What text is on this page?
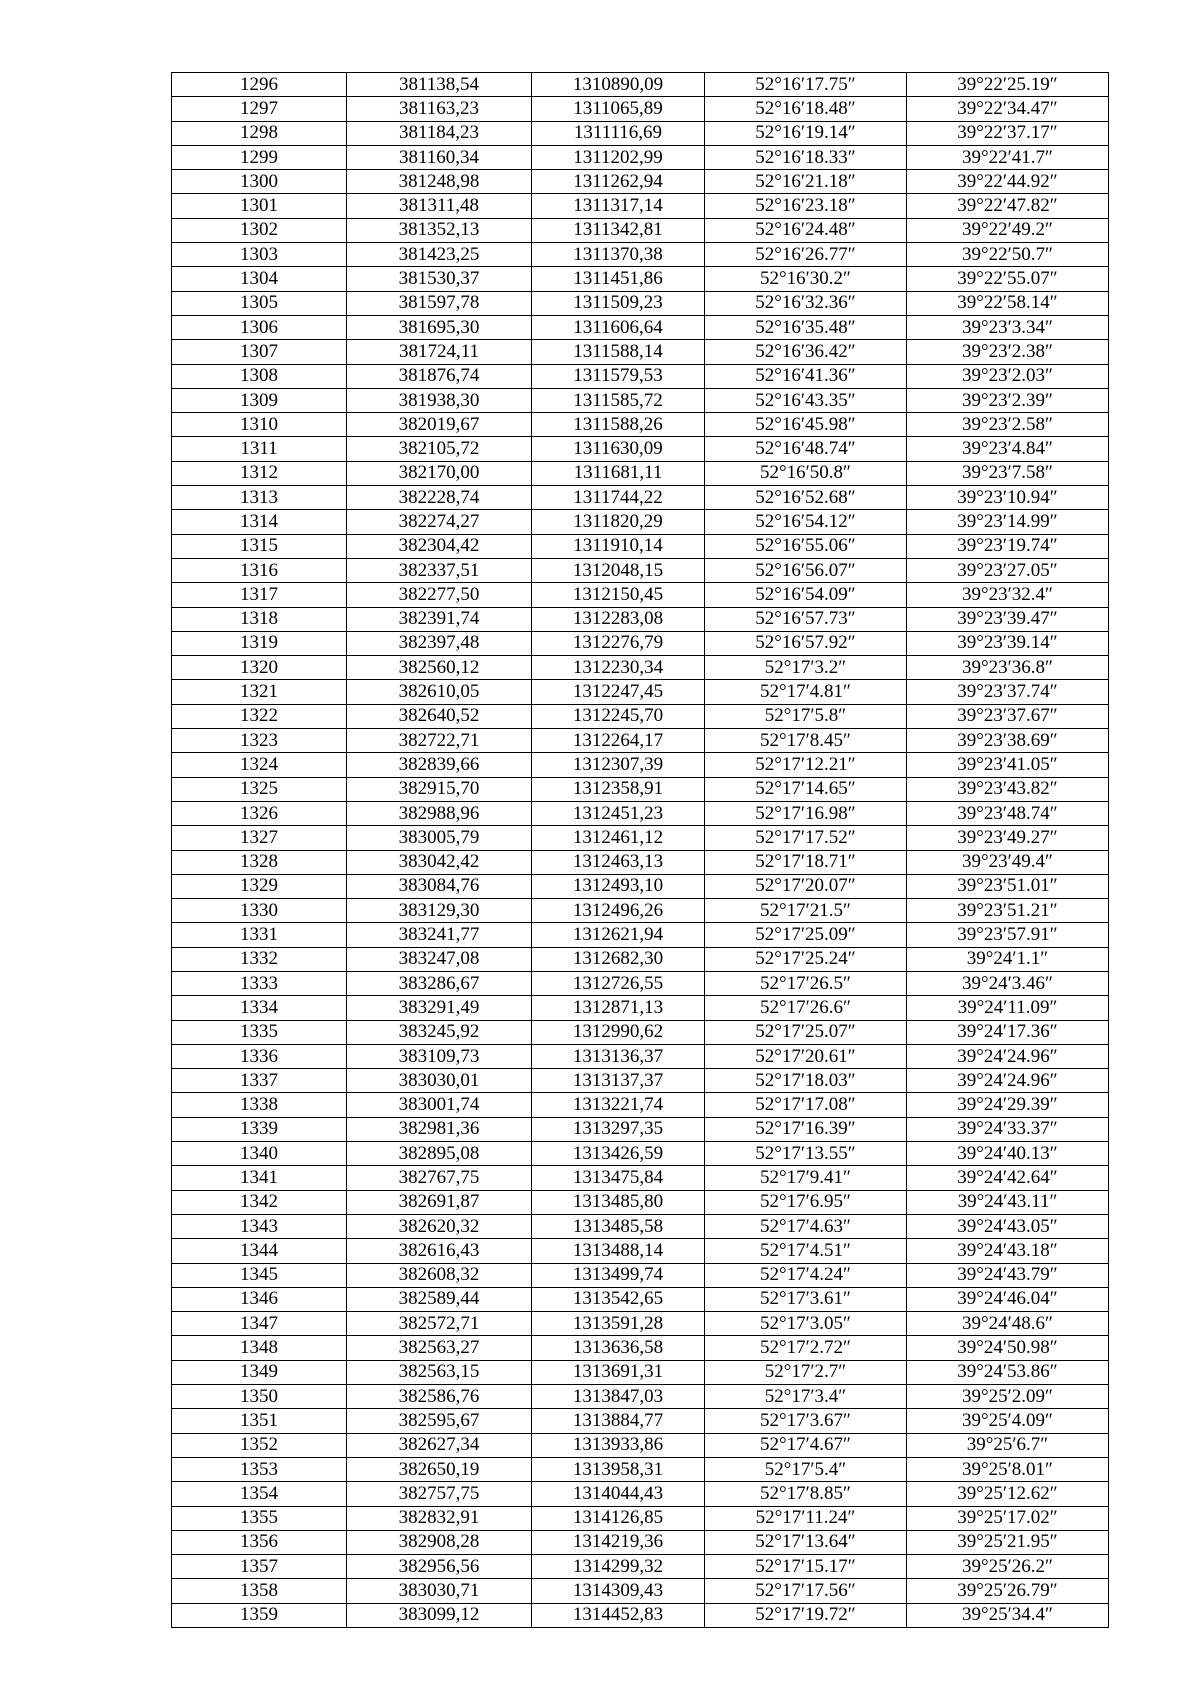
1296	381138,54	1310890,09	52°16′17.75″	39°22′25.19″
1297	381163,23	1311065,89	52°16′18.48″	39°22′34.47″
1298	381184,23	1311116,69	52°16′19.14″	39°22′37.17″
1299	381160,34	1311202,99	52°16′18.33″	39°22′41.7″
1300	381248,98	1311262,94	52°16′21.18″	39°22′44.92″
1301	381311,48	1311317,14	52°16′23.18″	39°22′47.82″
1302	381352,13	1311342,81	52°16′24.48″	39°22′49.2″
1303	381423,25	1311370,38	52°16′26.77″	39°22′50.7″
1304	381530,37	1311451,86	52°16′30.2″	39°22′55.07″
1305	381597,78	1311509,23	52°16′32.36″	39°22′58.14″
1306	381695,30	1311606,64	52°16′35.48″	39°23′3.34″
1307	381724,11	1311588,14	52°16′36.42″	39°23′2.38″
1308	381876,74	1311579,53	52°16′41.36″	39°23′2.03″
1309	381938,30	1311585,72	52°16′43.35″	39°23′2.39″
1310	382019,67	1311588,26	52°16′45.98″	39°23′2.58″
1311	382105,72	1311630,09	52°16′48.74″	39°23′4.84″
1312	382170,00	1311681,11	52°16′50.8″	39°23′7.58″
1313	382228,74	1311744,22	52°16′52.68″	39°23′10.94″
1314	382274,27	1311820,29	52°16′54.12″	39°23′14.99″
1315	382304,42	1311910,14	52°16′55.06″	39°23′19.74″
1316	382337,51	1312048,15	52°16′56.07″	39°23′27.05″
1317	382277,50	1312150,45	52°16′54.09″	39°23′32.4″
1318	382391,74	1312283,08	52°16′57.73″	39°23′39.47″
1319	382397,48	1312276,79	52°16′57.92″	39°23′39.14″
1320	382560,12	1312230,34	52°17′3.2″	39°23′36.8″
1321	382610,05	1312247,45	52°17′4.81″	39°23′37.74″
1322	382640,52	1312245,70	52°17′5.8″	39°23′37.67″
1323	382722,71	1312264,17	52°17′8.45″	39°23′38.69″
1324	382839,66	1312307,39	52°17′12.21″	39°23′41.05″
1325	382915,70	1312358,91	52°17′14.65″	39°23′43.82″
1326	382988,96	1312451,23	52°17′16.98″	39°23′48.74″
1327	383005,79	1312461,12	52°17′17.52″	39°23′49.27″
1328	383042,42	1312463,13	52°17′18.71″	39°23′49.4″
1329	383084,76	1312493,10	52°17′20.07″	39°23′51.01″
1330	383129,30	1312496,26	52°17′21.5″	39°23′51.21″
1331	383241,77	1312621,94	52°17′25.09″	39°23′57.91″
1332	383247,08	1312682,30	52°17′25.24″	39°24′1.1″
1333	383286,67	1312726,55	52°17′26.5″	39°24′3.46″
1334	383291,49	1312871,13	52°17′26.6″	39°24′11.09″
1335	383245,92	1312990,62	52°17′25.07″	39°24′17.36″
1336	383109,73	1313136,37	52°17′20.61″	39°24′24.96″
1337	383030,01	1313137,37	52°17′18.03″	39°24′24.96″
1338	383001,74	1313221,74	52°17′17.08″	39°24′29.39″
1339	382981,36	1313297,35	52°17′16.39″	39°24′33.37″
1340	382895,08	1313426,59	52°17′13.55″	39°24′40.13″
1341	382767,75	1313475,84	52°17′9.41″	39°24′42.64″
1342	382691,87	1313485,80	52°17′6.95″	39°24′43.11″
1343	382620,32	1313485,58	52°17′4.63″	39°24′43.05″
1344	382616,43	1313488,14	52°17′4.51″	39°24′43.18″
1345	382608,32	1313499,74	52°17′4.24″	39°24′43.79″
1346	382589,44	1313542,65	52°17′3.61″	39°24′46.04″
1347	382572,71	1313591,28	52°17′3.05″	39°24′48.6″
1348	382563,27	1313636,58	52°17′2.72″	39°24′50.98″
1349	382563,15	1313691,31	52°17′2.7″	39°24′53.86″
1350	382586,76	1313847,03	52°17′3.4″	39°25′2.09″
1351	382595,67	1313884,77	52°17′3.67″	39°25′4.09″
1352	382627,34	1313933,86	52°17′4.67″	39°25′6.7″
1353	382650,19	1313958,31	52°17′5.4″	39°25′8.01″
1354	382757,75	1314044,43	52°17′8.85″	39°25′12.62″
1355	382832,91	1314126,85	52°17′11.24″	39°25′17.02″
1356	382908,28	1314219,36	52°17′13.64″	39°25′21.95″
1357	382956,56	1314299,32	52°17′15.17″	39°25′26.2″
1358	383030,71	1314309,43	52°17′17.56″	39°25′26.79″
1359	383099,12	1314452,83	52°17′19.72″	39°25′34.4″
